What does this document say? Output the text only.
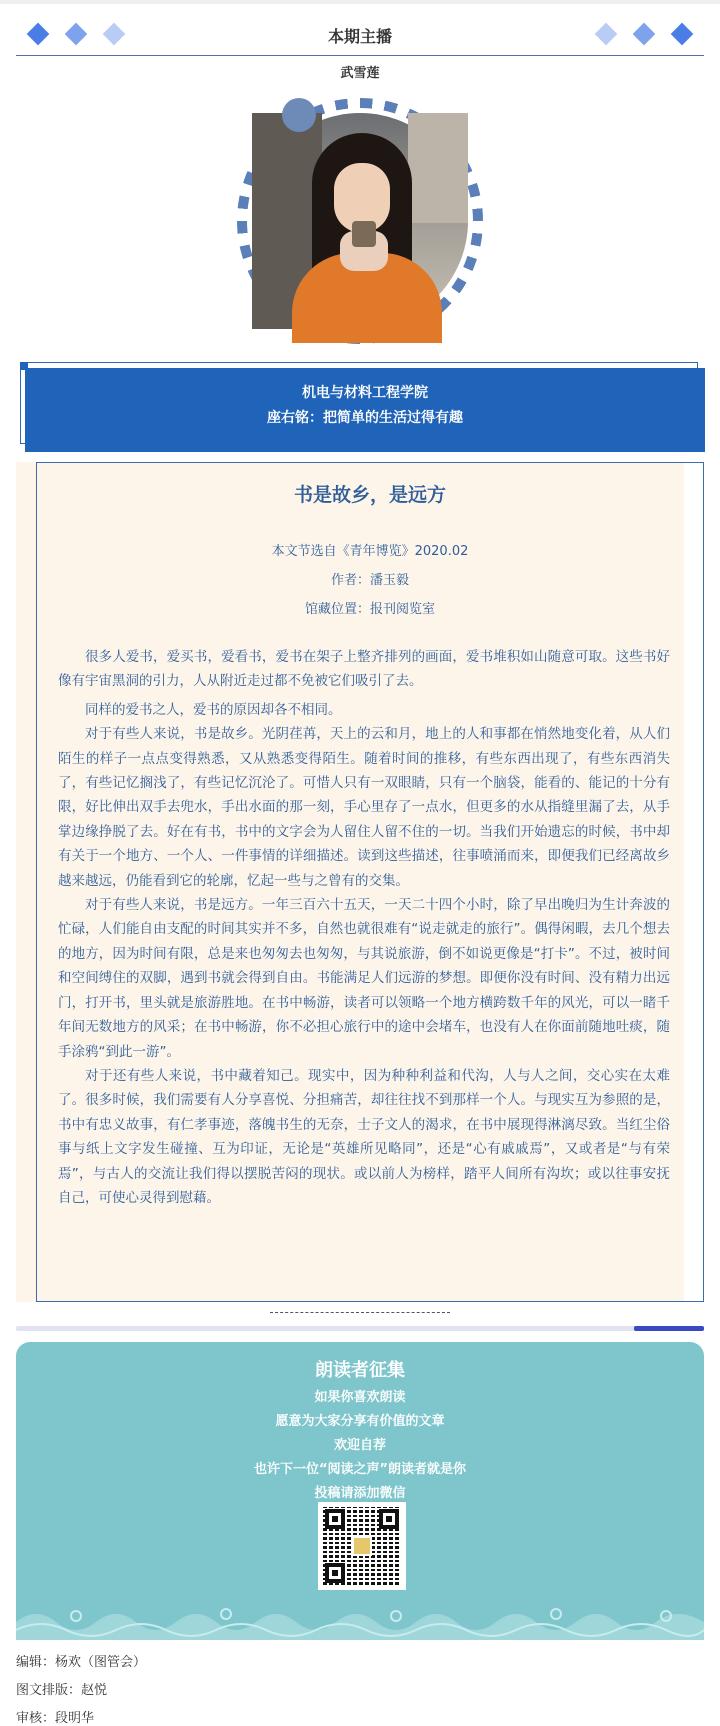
本期主播
武雪莲
机电与材料工程学院
座右铭：把简单的生活过得有趣
书是故乡，是远方
本文节选自《青年博览》2020.02
作者：潘玉毅
馆藏位置：报刊阅览室

很多人爱书，爱买书，爱看书，爱书在架子上整齐排列的画面，爱书堆积如山随意可取。这些书好像有宇宙黑洞的引力，人从附近走过都不免被它们吸引了去。

同样的爱书之人，爱书的原因却各不相同。

对于有些人来说，书是故乡。光阴荏苒，天上的云和月，地上的人和事都在悄然地变化着，从人们陌生的样子一点点变得熟悉，又从熟悉变得陌生。随着时间的推移，有些东西出现了，有些东西消失了，有些记忆搁浅了，有些记忆沉沦了。可惜人只有一双眼睛，只有一个脑袋，能看的、能记的十分有限，好比伸出双手去兜水，手出水面的那一刻，手心里存了一点水，但更多的水从指缝里漏了去，从手掌边缘挣脱了去。好在有书，书中的文字会为人留住人留不住的一切。当我们开始遗忘的时候，书中却有关于一个地方、一个人、一件事情的详细描述。读到这些描述，往事喷涌而来，即便我们已经离故乡越来越远，仍能看到它的轮廓，忆起一些与之曾有的交集。

对于有些人来说，书是远方。一年三百六十五天，一天二十四个小时，除了早出晚归为生计奔波的忙碌，人们能自由支配的时间其实并不多，自然也就很难有“说走就走的旅行”。偶得闲暇，去几个想去的地方，因为时间有限，总是来也匆匆去也匆匆，与其说旅游，倒不如说更像是“打卡”。不过，被时间和空间缚住的双脚，遇到书就会得到自由。书能满足人们远游的梦想。即便你没有时间、没有精力出远门，打开书，里头就是旅游胜地。在书中畅游，读者可以领略一个地方横跨数千年的风光，可以一睹千年间无数地方的风采；在书中畅游，你不必担心旅行中的途中会堵车，也没有人在你面前随地吐痰，随手涂鸦“到此一游”。

对于还有些人来说，书中藏着知己。现实中，因为种种利益和代沟，人与人之间，交心实在太难了。很多时候，我们需要有人分享喜悦、分担痛苦，却往往找不到那样一个人。与现实互为参照的是，书中有忠义故事，有仁孝事迹，落魄书生的无奈，士子文人的渴求，在书中展现得淋漓尽致。当红尘俗事与纸上文字发生碰撞、互为印证，无论是“英雄所见略同”，还是“心有戚戚焉”，又或者是“与有荣焉”，与古人的交流让我们得以摆脱苦闷的现状。或以前人为榜样，踏平人间所有沟坎；或以往事安抚自己，可使心灵得到慰藉。

朗读者征集
如果你喜欢朗读
愿意为大家分享有价值的文章
欢迎自荐
也许下一位“阅读之声”朗读者就是你
投稿请添加微信
编辑：杨欢（图管会）
图文排版：赵悦
审核：段明华
